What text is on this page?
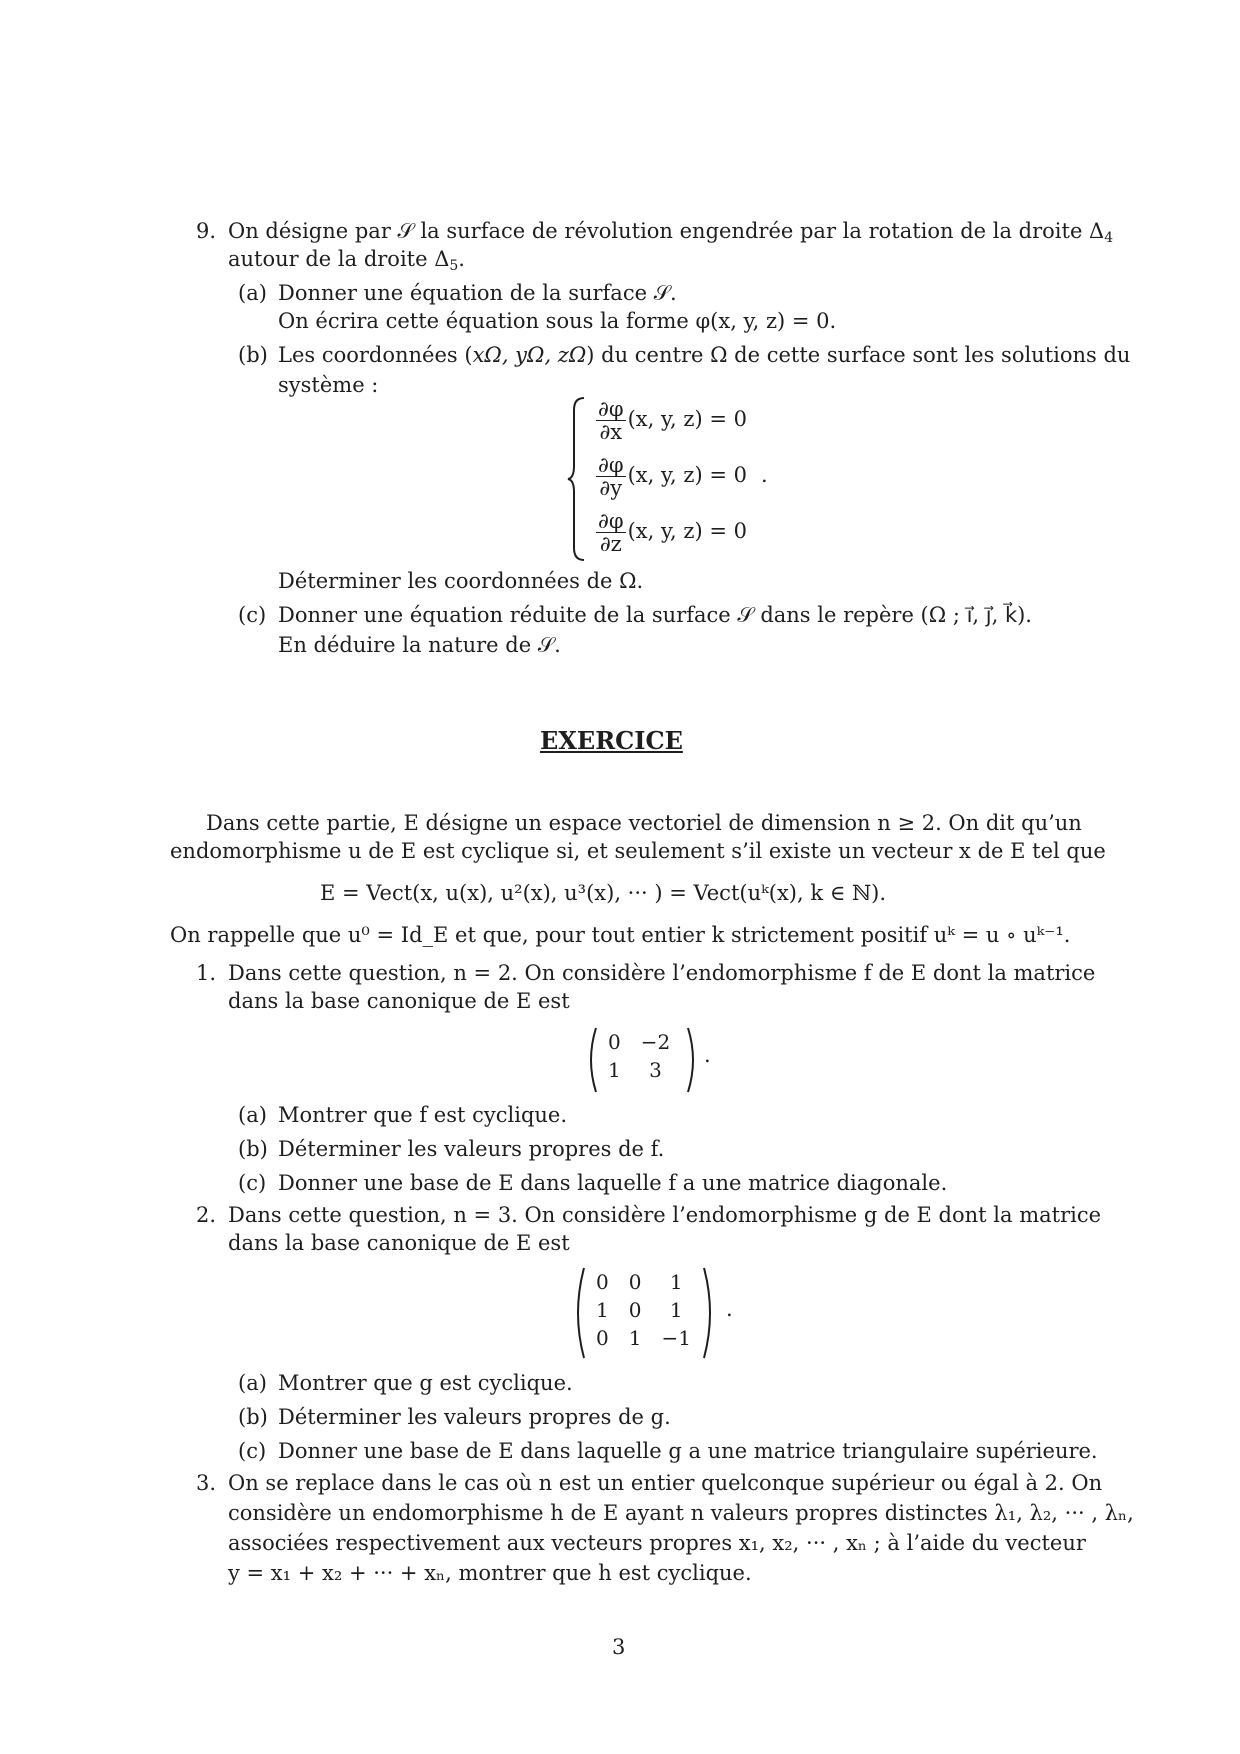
9. On désigne par 𝒮 la surface de révolution engendrée par la rotation de la droite $\Delta_4$
autour de la droite $\Delta_5$.
(a) Donner une équation de la surface 𝒮.
On écrira cette équation sous la forme φ(x, y, z) = 0.
(b) Les coordonnées (xΩ, yΩ, zΩ) du centre Ω de cette surface sont les solutions du
système :
$\frac{\partial\varphi}{\partial x} (x$, y, z) = 0
$\frac{\partial\varphi}{\partial y} (x$, y, z) = 0 .
$\frac{\partial\varphi}{\partial z} (x$, y, z) = 0
Déterminer les coordonnées de Ω.
(c) Donner une équation réduite de la surface 𝒮 dans le repère (Ω ; i⃗, j⃗, k⃗).
En déduire la nature de 𝒮.
EXERCICE
Dans cette partie, E désigne un espace vectoriel de dimension n ≥ 2. On dit qu’un
endomorphisme u de E est cyclique si, et seulement s’il existe un vecteur x de E tel que
E = Vect(x, u(x), u²(x), u³(x), ··· ) = Vect(uᵏ(x), k ∈ ℕ).
On rappelle que u⁰ = Id_E et que, pour tout entier k strictement positif uᵏ = u ∘ uᵏ⁻¹.
1. Dans cette question, n = 2. On considère l’endomorphisme f de E dont la matrice
dans la base canonique de E est
0	−2
1	3
.
(a) Montrer que f est cyclique.
(b) Déterminer les valeurs propres de f.
(c) Donner une base de E dans laquelle f a une matrice diagonale.
2. Dans cette question, n = 3. On considère l’endomorphisme g de E dont la matrice
dans la base canonique de E est
0	0	1
1	0	1
0	1	−1
.
(a) Montrer que g est cyclique.
(b) Déterminer les valeurs propres de g.
(c) Donner une base de E dans laquelle g a une matrice triangulaire supérieure.
3. On se replace dans le cas où n est un entier quelconque supérieur ou égal à 2. On
considère un endomorphisme h de E ayant n valeurs propres distinctes λ₁, λ₂, ··· , λₙ,
associées respectivement aux vecteurs propres x₁, x₂, ··· , xₙ ; à l’aide du vecteur
y = x₁ + x₂ + ··· + xₙ, montrer que h est cyclique.
3
